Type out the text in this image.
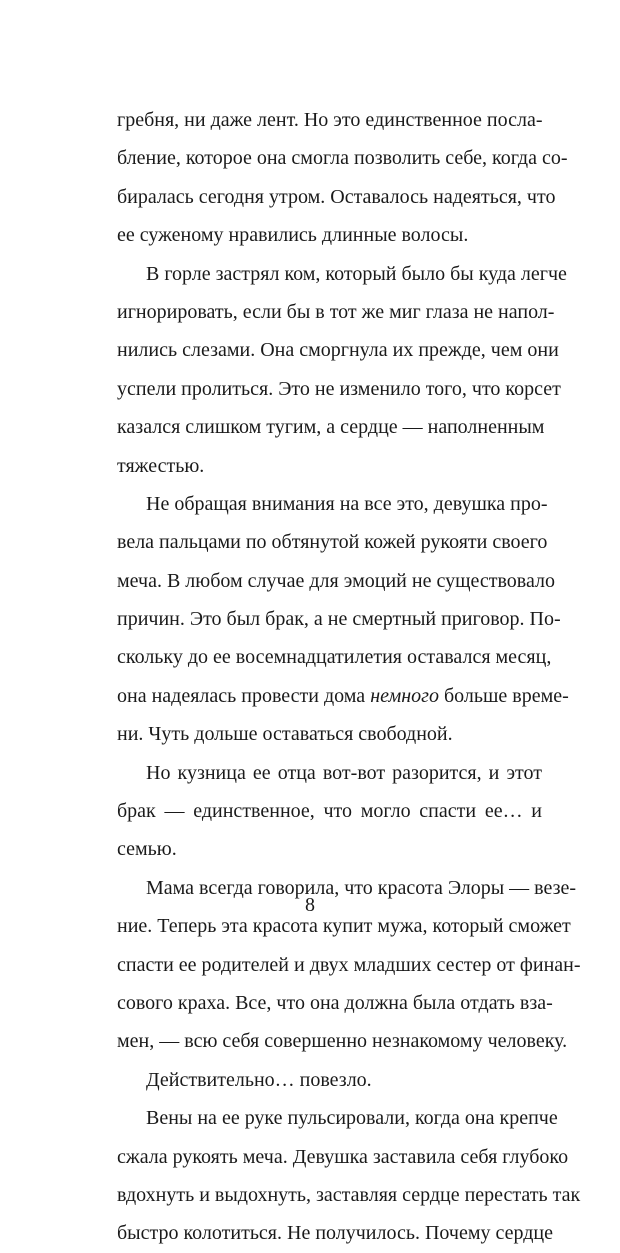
гребня, ни даже лент. Но это единственное посла-
бление, которое она смогла позволить себе, когда со-
биралась сегодня утром. Оставалось надеяться, что
ее суженому нравились длинные волосы.
В горле застрял ком, который было бы куда легче
игнорировать, если бы в тот же миг глаза не напол-
нились слезами. Она сморгнула их прежде, чем они
успели пролиться. Это не изменило того, что корсет
казался слишком тугим, а сердце — наполненным
тяжестью.
Не обращая внимания на все это, девушка про-
вела пальцами по обтянутой кожей рукояти своего
меча. В любом случае для эмоций не существовало
причин. Это был брак, а не смертный приговор. По-
скольку до ее восемнадцатилетия оставался месяц,
она надеялась провести дома немного больше време-
ни. Чуть дольше оставаться свободной.
Но кузница ее отца вот-вот разорится, и этот
брак — единственное, что могло спасти ее… и
семью.
Мама всегда говорила, что красота Элоры — везе-
ние. Теперь эта красота купит мужа, который сможет
спасти ее родителей и двух младших сестер от финан-
сового краха. Все, что она должна была отдать вза-
мен, — всю себя совершенно незнакомому человеку.
Действительно… повезло.
Вены на ее руке пульсировали, когда она крепче
сжала рукоять меча. Девушка заставила себя глубоко
вдохнуть и выдохнуть, заставляя сердце перестать так
быстро колотиться. Не получилось. Почему сердце
8
